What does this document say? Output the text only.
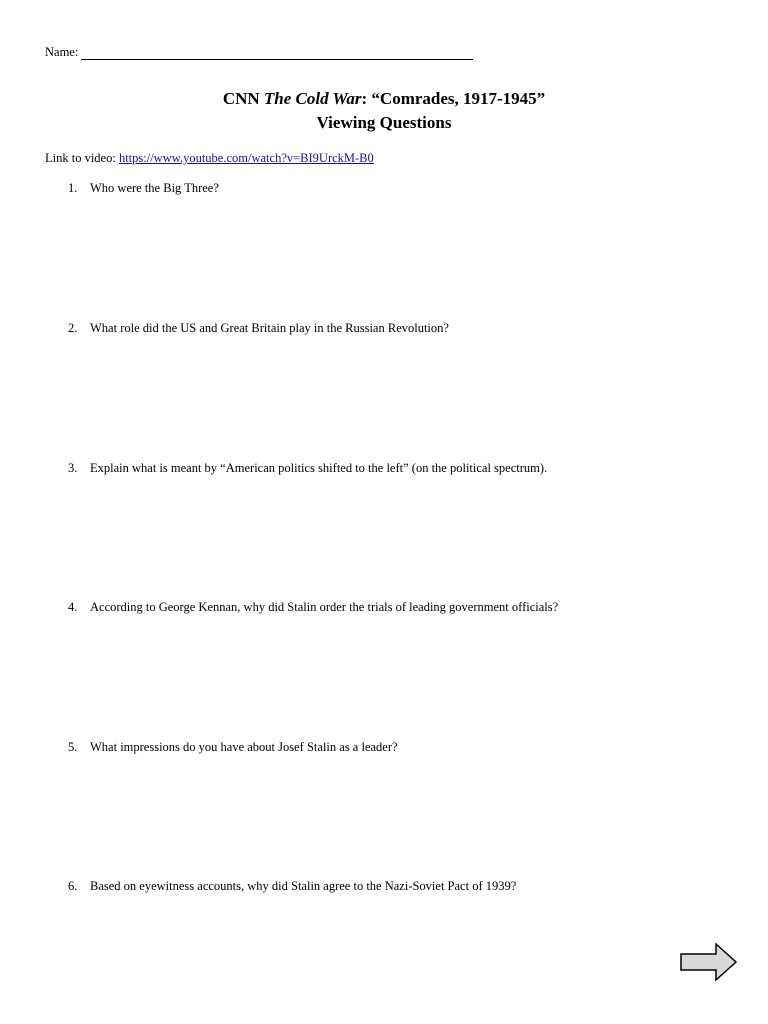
Name:
CNN The Cold War: “Comrades, 1917-1945”
Viewing Questions
Link to video: https://www.youtube.com/watch?v=BI9UrckM-B0
1.	Who were the Big Three?
2.	What role did the US and Great Britain play in the Russian Revolution?
3.	Explain what is meant by “American politics shifted to the left” (on the political spectrum).
4.	According to George Kennan, why did Stalin order the trials of leading government officials?
5.	What impressions do you have about Josef Stalin as a leader?
6.	Based on eyewitness accounts, why did Stalin agree to the Nazi-Soviet Pact of 1939?
